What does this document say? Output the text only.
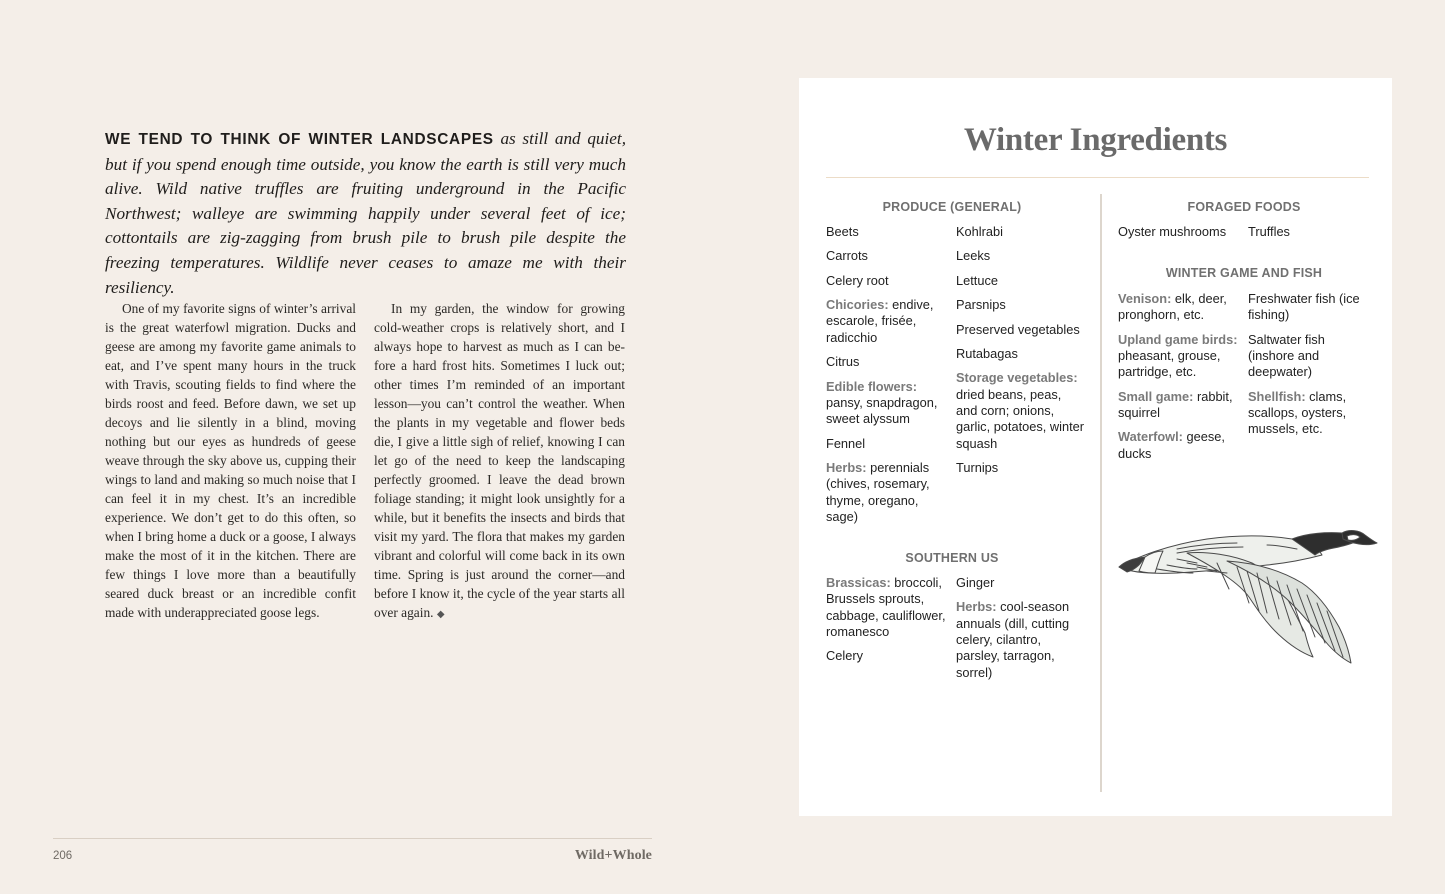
WE TEND TO THINK OF WINTER LANDSCAPES as still and quiet, but if you spend enough time outside, you know the earth is still very much alive. Wild native truffles are fruiting underground in the Pacific Northwest; walleye are swimming happily under several feet of ice; cottontails are zig-zagging from brush pile to brush pile despite the freezing temperatures. Wildlife never ceases to amaze me with their resiliency.

One of my favorite signs of winter’s arrival is the great waterfowl migration. Ducks and geese are among my favorite game animals to eat, and I’ve spent many hours in the truck with Travis, scouting fields to find where the birds roost and feed. Before dawn, we set up decoys and lie silently in a blind, moving nothing but our eyes as hundreds of geese weave through the sky above us, cupping their wings to land and making so much noise that I can feel it in my chest. It’s an incredible experience. We don’t get to do this often, so when I bring home a duck or a goose, I always make the most of it in the kitchen. There are few things I love more than a beautifully seared duck breast or an incredible confit made with underappreciated goose legs.

In my garden, the window for growing cold-weather crops is relatively short, and I always hope to harvest as much as I can before a hard frost hits. Sometimes I luck out; other times I’m reminded of an important lesson—you can’t control the weather. When the plants in my vegetable and flower beds die, I give a little sigh of relief, knowing I can let go of the need to keep the landscaping perfectly groomed. I leave the dead brown foliage standing; it might look unsightly for a while, but it benefits the insects and birds that visit my yard. The flora that makes my garden vibrant and colorful will come back in its own time. Spring is just around the corner—and before I know it, the cycle of the year starts all over again. ◆

206	Wild+Whole
Winter Ingredients
PRODUCE (GENERAL)
Beets
Carrots
Celery root
Chicories: endive, escarole, frisée, radicchio
Citrus
Edible flowers: pansy, snapdragon, sweet alyssum
Fennel
Herbs: perennials (chives, rosemary, thyme, oregano, sage)
Kohlrabi
Leeks
Lettuce
Parsnips
Preserved vegetables
Rutabagas
Storage vegetables: dried beans, peas, and corn; onions, garlic, potatoes, winter squash
Turnips
SOUTHERN US
Brassicas: broccoli, Brussels sprouts, cabbage, cauliflower, romanesco
Celery
Ginger
Herbs: cool-season annuals (dill, cutting celery, cilantro, parsley, tarragon, sorrel)
FORAGED FOODS
Oyster mushrooms	Truffles
WINTER GAME AND FISH
Venison: elk, deer, pronghorn, etc.
Upland game birds: pheasant, grouse, partridge, etc.
Small game: rabbit, squirrel
Waterfowl: geese, ducks
Freshwater fish (ice fishing)
Saltwater fish (inshore and deepwater)
Shellfish: clams, scallops, oysters, mussels, etc.
